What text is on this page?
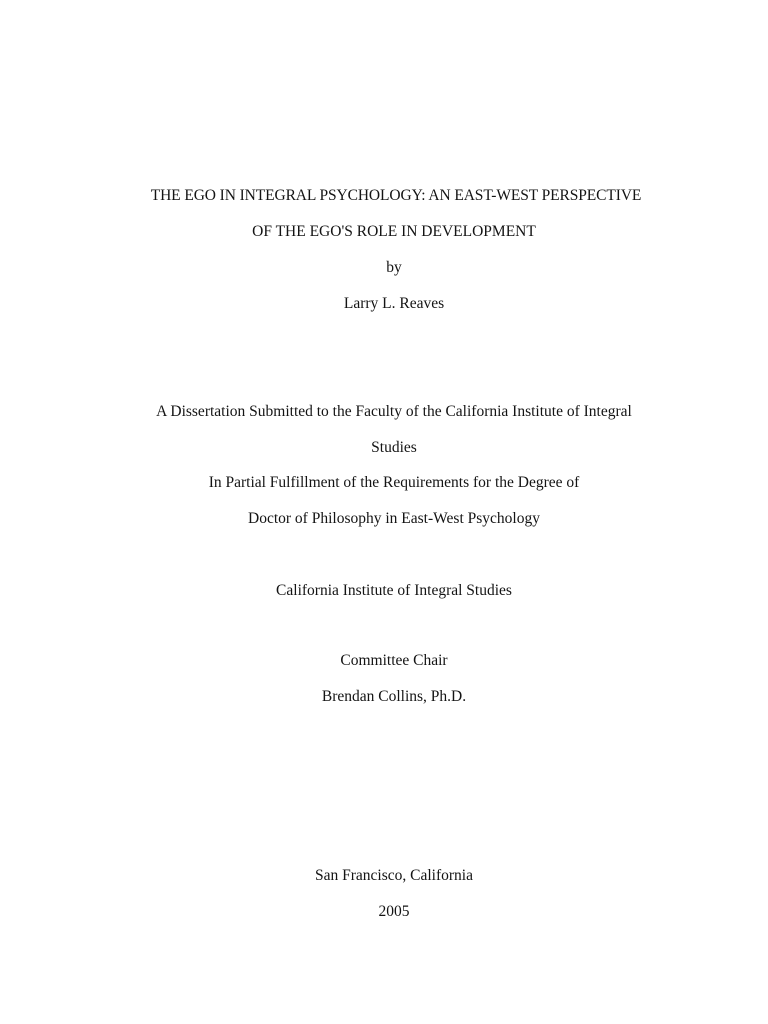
THE EGO IN INTEGRAL PSYCHOLOGY: AN EAST-WEST PERSPECTIVE
OF THE EGO'S ROLE IN DEVELOPMENT
by
Larry L. Reaves
A Dissertation Submitted to the Faculty of the California Institute of Integral
Studies
In Partial Fulfillment of the Requirements for the Degree of
Doctor of Philosophy in East-West Psychology
California Institute of Integral Studies
Committee Chair
Brendan Collins, Ph.D.
San Francisco, California
2005
